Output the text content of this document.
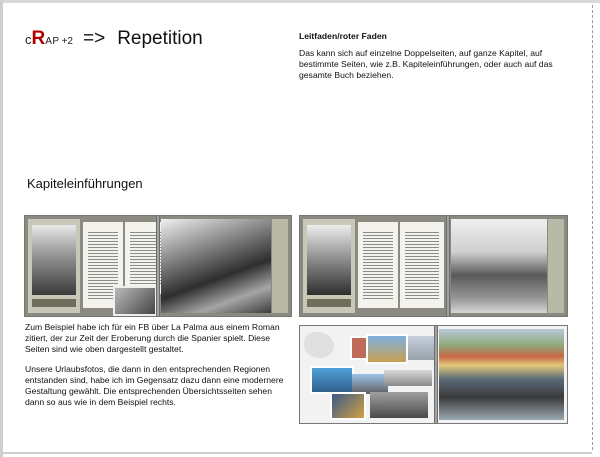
cRAP +2 => Repetition	Leitfaden/roter Faden
Das kann sich auf einzelne Doppelseiten, auf ganze Kapitel, auf bestimmte Seiten, wie z.B. Kapiteleinführungen, oder auch auf das gesamte Buch beziehen.
Kapiteleinführungen
Zum Beispiel habe ich für ein FB über La Palma aus einem Roman zitiert, der zur Zeit der Eroberung durch die Spanier spielt. Diese Seiten sind wie oben dargestellt gestaltet.
Unsere Urlaubsfotos, die dann in den entsprechenden Regionen entstanden sind, habe ich im Gegensatz dazu dann eine modernere Gestaltung gewählt. Die entsprechenden Übersichtsseiten sehen dann so aus wie in dem Beispiel rechts.
